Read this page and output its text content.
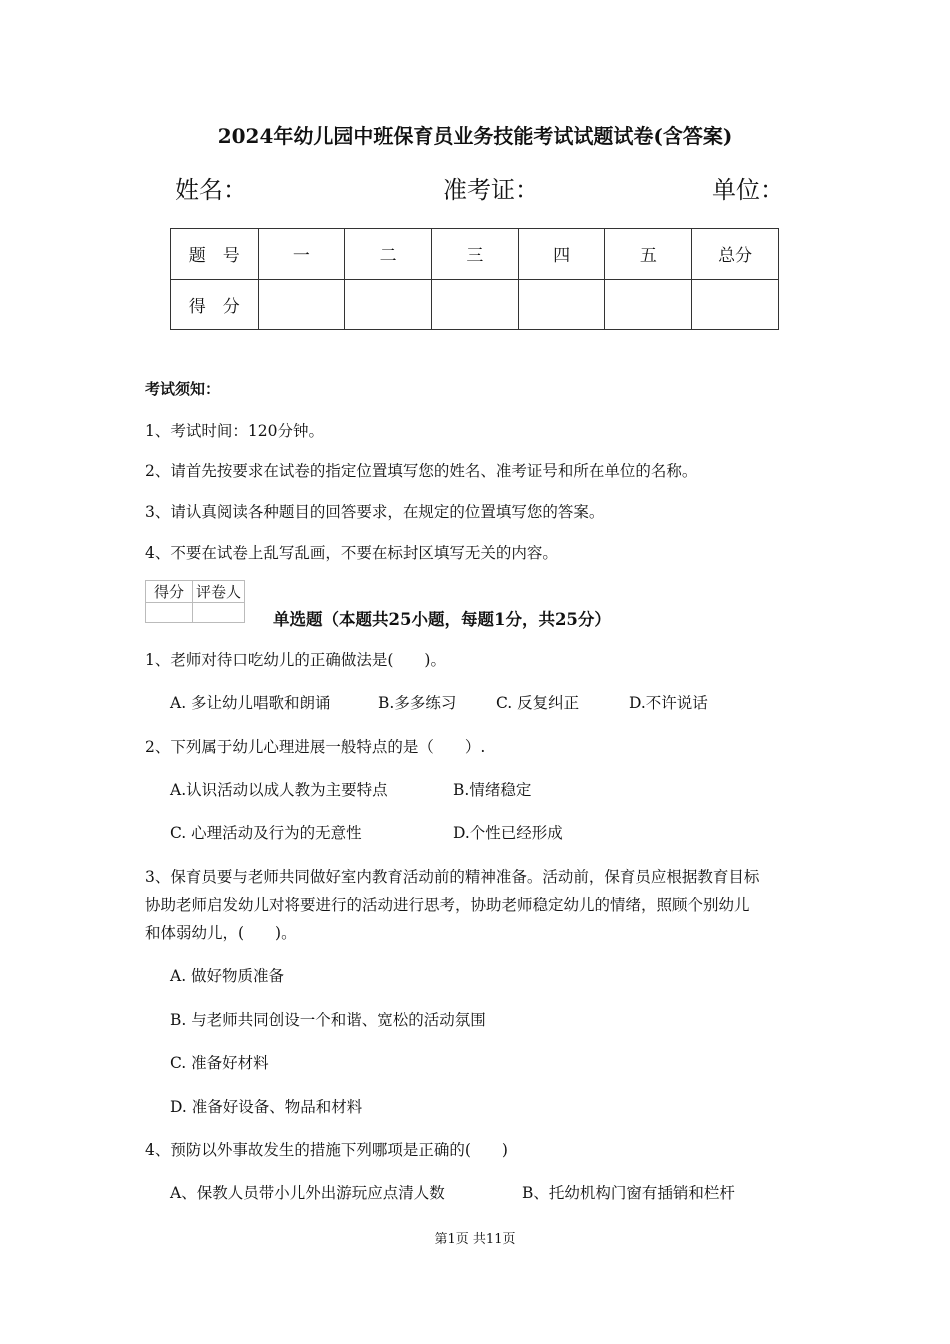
2024年幼儿园中班保育员业务技能考试试题试卷(含答案)
姓名：	准考证：	单位：
题　号	一	二	三	四	五	总分
得　分						
考试须知：
1、考试时间：120分钟。
2、请首先按要求在试卷的指定位置填写您的姓名、准考证号和所在单位的名称。
3、请认真阅读各种题目的回答要求，在规定的位置填写您的答案。
4、不要在试卷上乱写乱画，不要在标封区填写无关的内容。
得分	评卷人

单选题（本题共25小题，每题1分，共25分）
1、老师对待口吃幼儿的正确做法是(　　)。
A. 多让幼儿唱歌和朗诵	B.多多练习	C. 反复纠正	D.不许说话
2、下列属于幼儿心理进展一般特点的是（　　）.
A.认识活动以成人教为主要特点	B.情绪稳定
C. 心理活动及行为的无意性	D.个性已经形成
3、保育员要与老师共同做好室内教育活动前的精神准备。活动前，保育员应根据教育目标
协助老师启发幼儿对将要进行的活动进行思考，协助老师稳定幼儿的情绪，照顾个别幼儿
和体弱幼儿，(　　)。
A. 做好物质准备
B. 与老师共同创设一个和谐、宽松的活动氛围
C. 准备好材料
D. 准备好设备、物品和材料
4、预防以外事故发生的措施下列哪项是正确的(　　)
A、保教人员带小儿外出游玩应点清人数	B、托幼机构门窗有插销和栏杆
第1页 共11页
